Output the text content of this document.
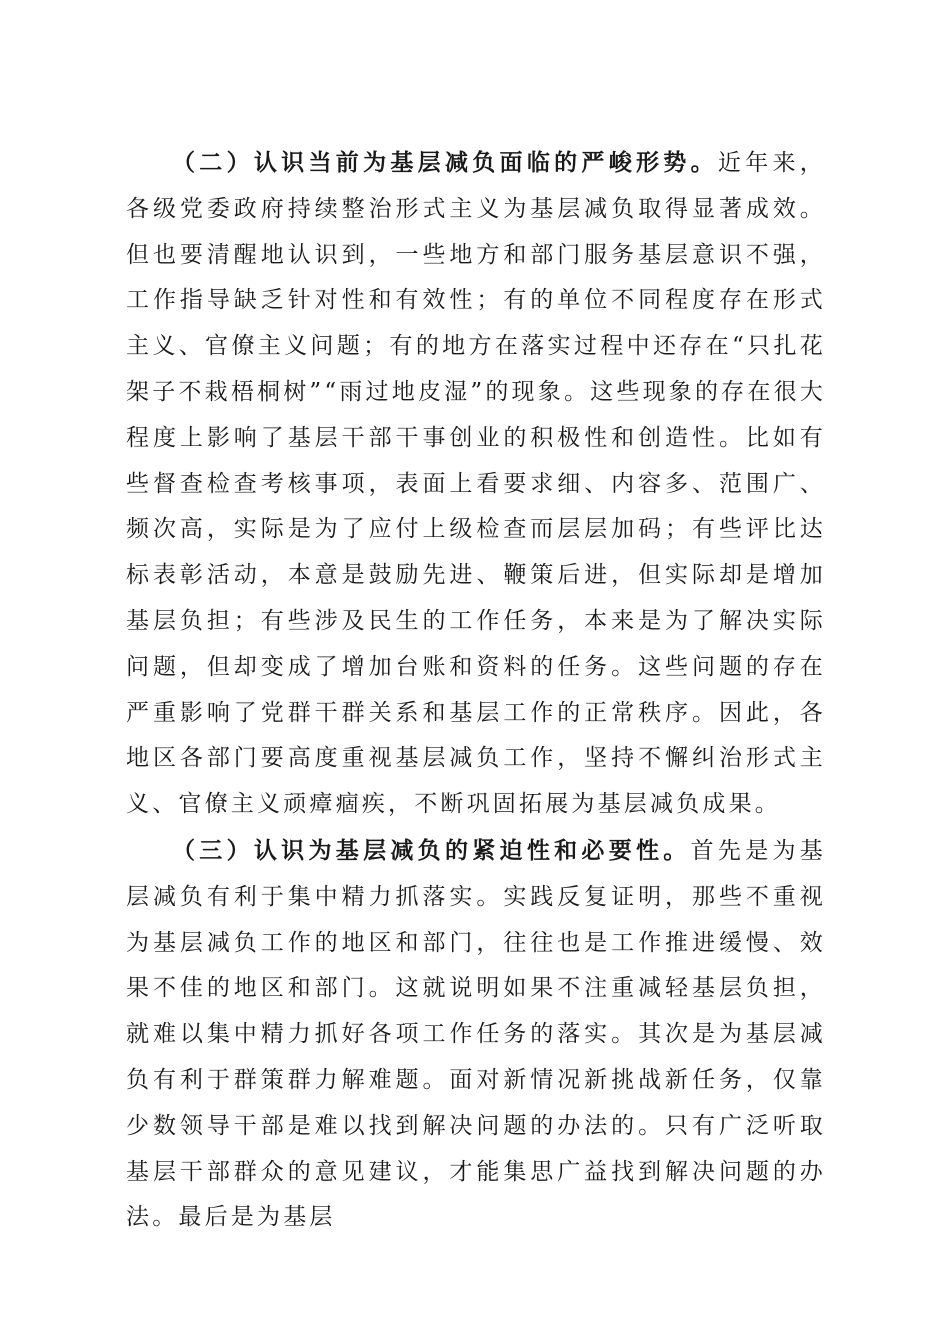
（二）认识当前为基层减负面临的严峻形势。近年来，各级党委政府持续整治形式主义为基层减负取得显著成效。但也要清醒地认识到，一些地方和部门服务基层意识不强，工作指导缺乏针对性和有效性；有的单位不同程度存在形式主义、官僚主义问题；有的地方在落实过程中还存在“只扎花架子不栽梧桐树”“雨过地皮湿”的现象。这些现象的存在很大程度上影响了基层干部干事创业的积极性和创造性。比如有些督查检查考核事项，表面上看要求细、内容多、范围广、频次高，实际是为了应付上级检查而层层加码；有些评比达标表彰活动，本意是鼓励先进、鞭策后进，但实际却是增加基层负担；有些涉及民生的工作任务，本来是为了解决实际问题，但却变成了增加台账和资料的任务。这些问题的存在严重影响了党群干群关系和基层工作的正常秩序。因此，各地区各部门要高度重视基层减负工作，坚持不懈纠治形式主义、官僚主义顽瘴痼疾，不断巩固拓展为基层减负成果。

（三）认识为基层减负的紧迫性和必要性。首先是为基层减负有利于集中精力抓落实。实践反复证明，那些不重视为基层减负工作的地区和部门，往往也是工作推进缓慢、效果不佳的地区和部门。这就说明如果不注重减轻基层负担，就难以集中精力抓好各项工作任务的落实。其次是为基层减负有利于群策群力解难题。面对新情况新挑战新任务，仅靠少数领导干部是难以找到解决问题的办法的。只有广泛听取基层干部群众的意见建议，才能集思广益找到解决问题的办法。最后是为基层
